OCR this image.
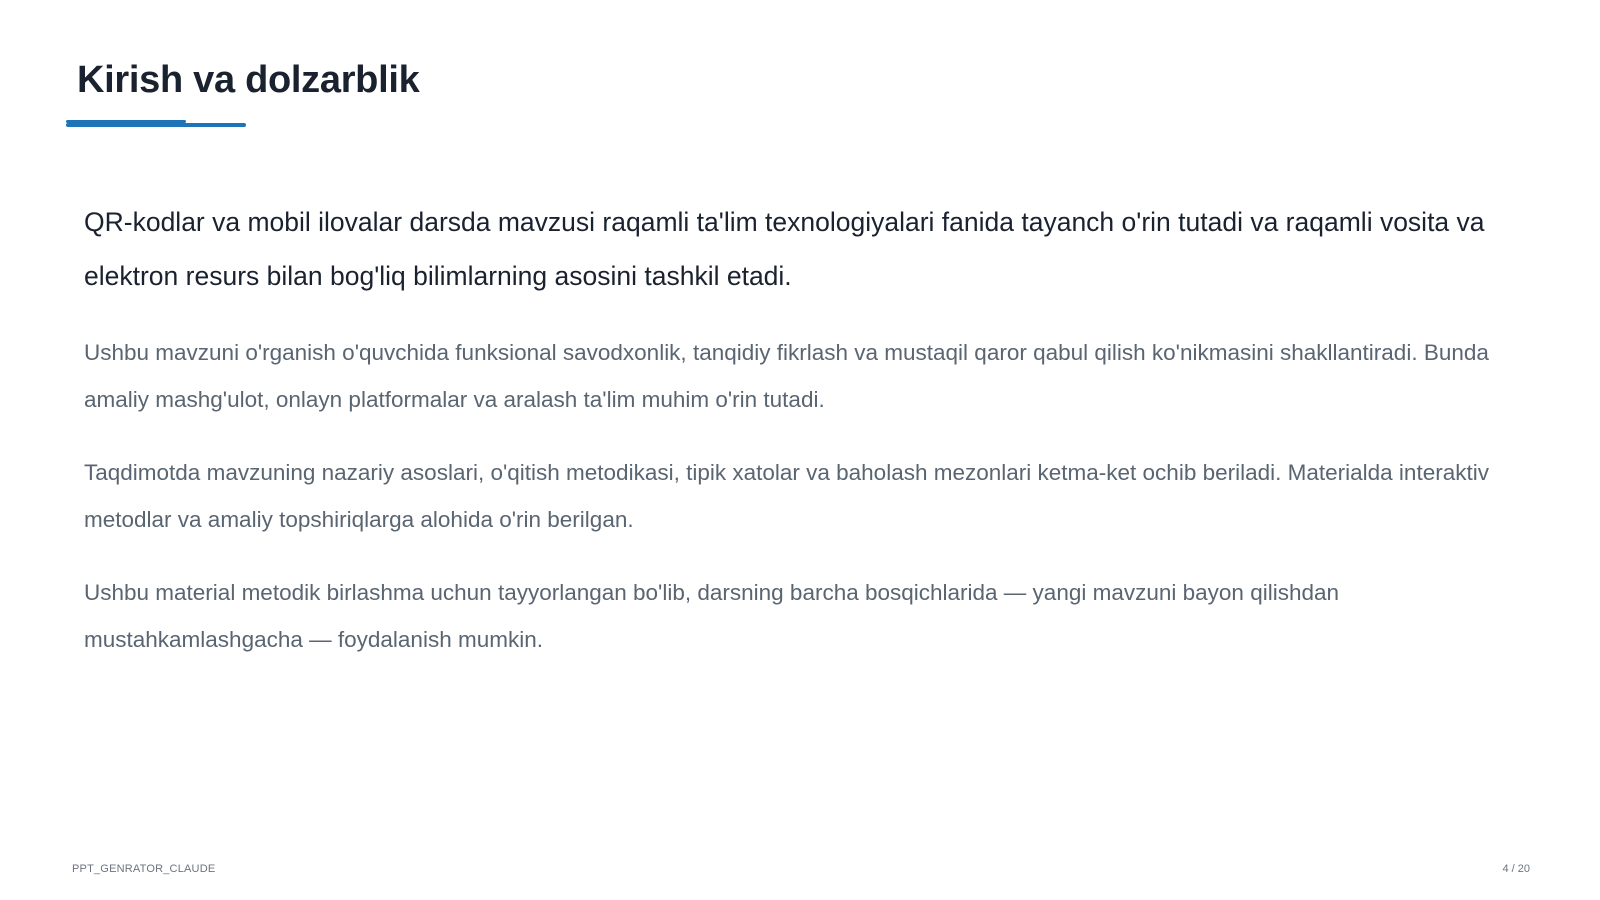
Kirish va dolzarblik

QR-kodlar va mobil ilovalar darsda mavzusi raqamli ta'lim texnologiyalari fanida tayanch o'rin tutadi va raqamli vosita va elektron resurs bilan bog'liq bilimlarning asosini tashkil etadi.

Ushbu mavzuni o'rganish o'quvchida funksional savodxonlik, tanqidiy fikrlash va mustaqil qaror qabul qilish ko'nikmasini shakllantiradi. Bunda amaliy mashg'ulot, onlayn platformalar va aralash ta'lim muhim o'rin tutadi.

Taqdimotda mavzuning nazariy asoslari, o'qitish metodikasi, tipik xatolar va baholash mezonlari ketma-ket ochib beriladi. Materialda interaktiv metodlar va amaliy topshiriqlarga alohida o'rin berilgan.

Ushbu material metodik birlashma uchun tayyorlangan bo'lib, darsning barcha bosqichlarida — yangi mavzuni bayon qilishdan mustahkamlashgacha — foydalanish mumkin.

PPT_GENRATOR_CLAUDE	4 / 20
